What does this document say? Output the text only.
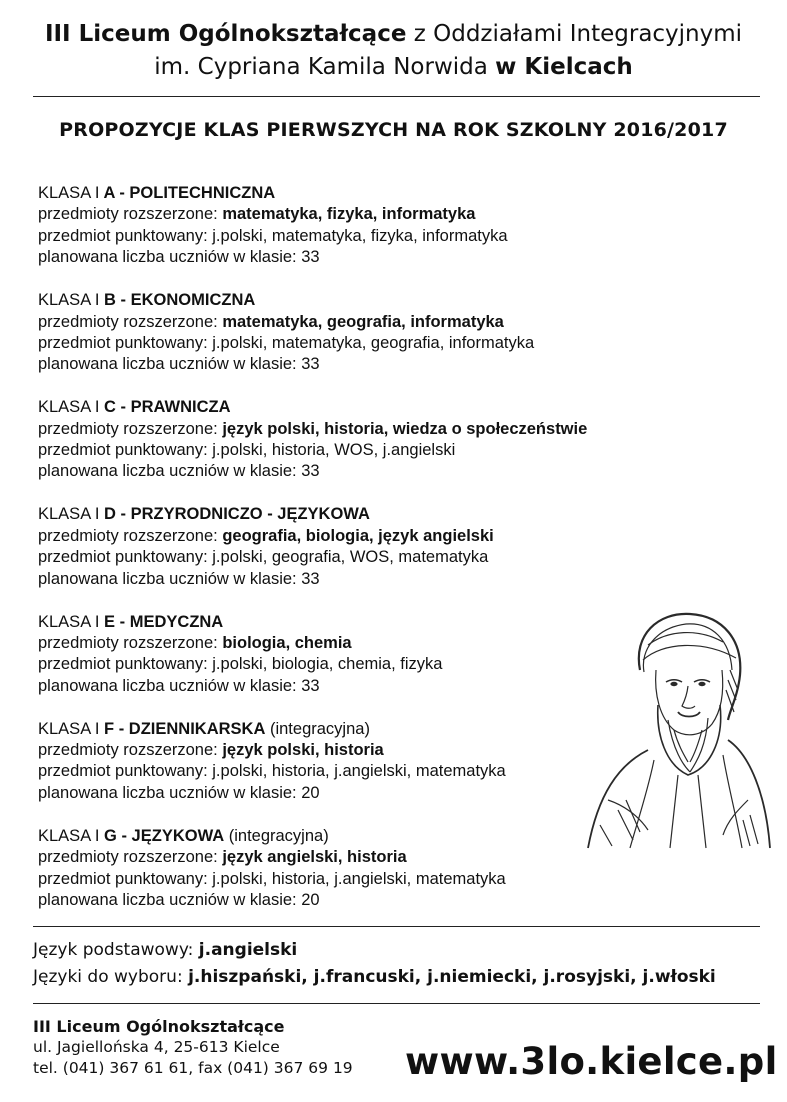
III Liceum Ogólnokształcące z Oddziałami Integracyjnymi
im. Cypriana Kamila Norwida w Kielcach
PROPOZYCJE KLAS PIERWSZYCH NA ROK SZKOLNY 2016/2017
KLASA I A - POLITECHNICZNA
przedmioty rozszerzone: matematyka, fizyka, informatyka
przedmiot punktowany: j.polski, matematyka, fizyka, informatyka
planowana liczba uczniów w klasie: 33
KLASA I B - EKONOMICZNA
przedmioty rozszerzone: matematyka, geografia, informatyka
przedmiot punktowany: j.polski, matematyka, geografia, informatyka
planowana liczba uczniów w klasie: 33
KLASA I C - PRAWNICZA
przedmioty rozszerzone: język polski, historia, wiedza o społeczeństwie
przedmiot punktowany: j.polski, historia, WOS, j.angielski
planowana liczba uczniów w klasie: 33
KLASA I D - PRZYRODNICZO - JĘZYKOWA
przedmioty rozszerzone: geografia, biologia, język angielski
przedmiot punktowany: j.polski, geografia, WOS, matematyka
planowana liczba uczniów w klasie: 33
KLASA I E - MEDYCZNA
przedmioty rozszerzone: biologia, chemia
przedmiot punktowany: j.polski, biologia, chemia, fizyka
planowana liczba uczniów w klasie: 33
KLASA I F - DZIENNIKARSKA (integracyjna)
przedmioty rozszerzone: język polski, historia
przedmiot punktowany: j.polski, historia, j.angielski, matematyka
planowana liczba uczniów w klasie: 20
KLASA I G - JĘZYKOWA (integracyjna)
przedmioty rozszerzone: język angielski, historia
przedmiot punktowany: j.polski, historia, j.angielski, matematyka
planowana liczba uczniów w klasie: 20
Język podstawowy: j.angielski
Języki do wyboru: j.hiszpański, j.francuski, j.niemiecki, j.rosyjski, j.włoski
III Liceum Ogólnokształcące
ul. Jagiellońska 4, 25-613 Kielce
tel. (041) 367 61 61, fax (041) 367 69 19 www.3lo.kielce.pl
